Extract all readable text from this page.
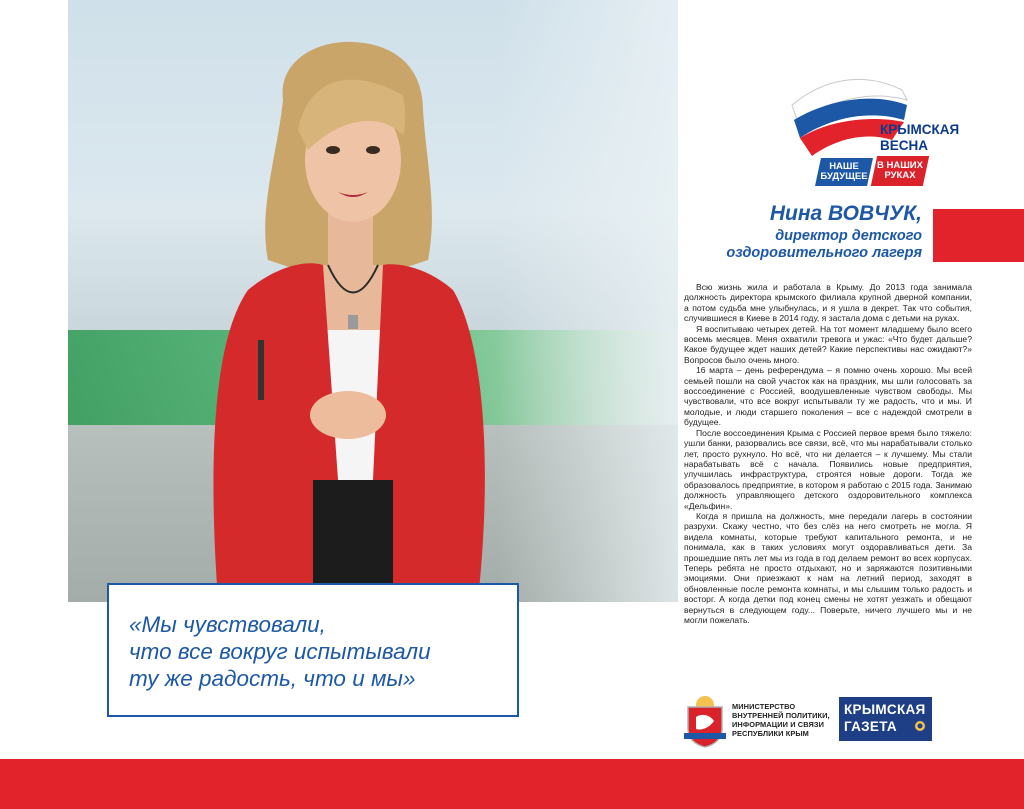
«Мы чувствовали,
что все вокруг испытывали
ту же радость, что и мы»
КРЫМСКАЯ
ВЕСНА
НАШЕ БУДУЩЕЕ
В НАШИХ РУКАХ
Нина ВОВЧУК,
директор детского
оздоровительного лагеря

Всю жизнь жила и работала в Крыму. До 2013 года занимала должность директора крымского филиала крупной дверной компании, а потом судьба мне улыбнулась, и я ушла в декрет. Так что события, случившиеся в Киеве в 2014 году, я застала дома с детьми на руках.

Я воспитываю четырех детей. На тот момент младшему было всего восемь месяцев. Меня охватили тревога и ужас: «Что будет дальше? Какое будущее ждет наших детей? Какие перспективы нас ожидают?» Вопросов было очень много.

16 марта – день референдума – я помню очень хорошо. Мы всей семьей пошли на свой участок как на праздник, мы шли голосовать за воссоединение с Россией, воодушевленные чувством свободы. Мы чувствовали, что все вокруг испытывали ту же радость, что и мы. И молодые, и люди старшего поколения – все с надеждой смотрели в будущее.

После воссоединения Крыма с Россией первое время было тяжело: ушли банки, разорвались все связи, всё, что мы нарабатывали столько лет, просто рухнуло. Но всё, что ни делается – к лучшему. Мы стали нарабатывать всё с начала. Появились новые предприятия, улучшилась инфраструктура, строятся новые дороги. Тогда же образовалось предприятие, в котором я работаю с 2015 года. Занимаю должность управляющего детского оздоровительного комплекса «Дельфин».

Когда я пришла на должность, мне передали лагерь в состоянии разрухи. Скажу честно, что без слёз на него смотреть не могла. Я видела комнаты, которые требуют капитального ремонта, и не понимала, как в таких условиях могут оздоравливаться дети. За прошедшие пять лет мы из года в год делаем ремонт во всех корпусах. Теперь ребята не просто отдыхают, но и заряжаются позитивными эмоциями. Они приезжают к нам на летний период, заходят в обновленные после ремонта комнаты, и мы слышим только радость и восторг. А когда детки под конец смены не хотят уезжать и обещают вернуться в следующем году... Поверьте, ничего лучшего мы и не могли пожелать.

МИНИСТЕРСТВО ВНУТРЕННЕЙ ПОЛИТИКИ, ИНФОРМАЦИИ И СВЯЗИ РЕСПУБЛИКИ КРЫМ
КРЫМСКАЯ
ГАЗЕТА
